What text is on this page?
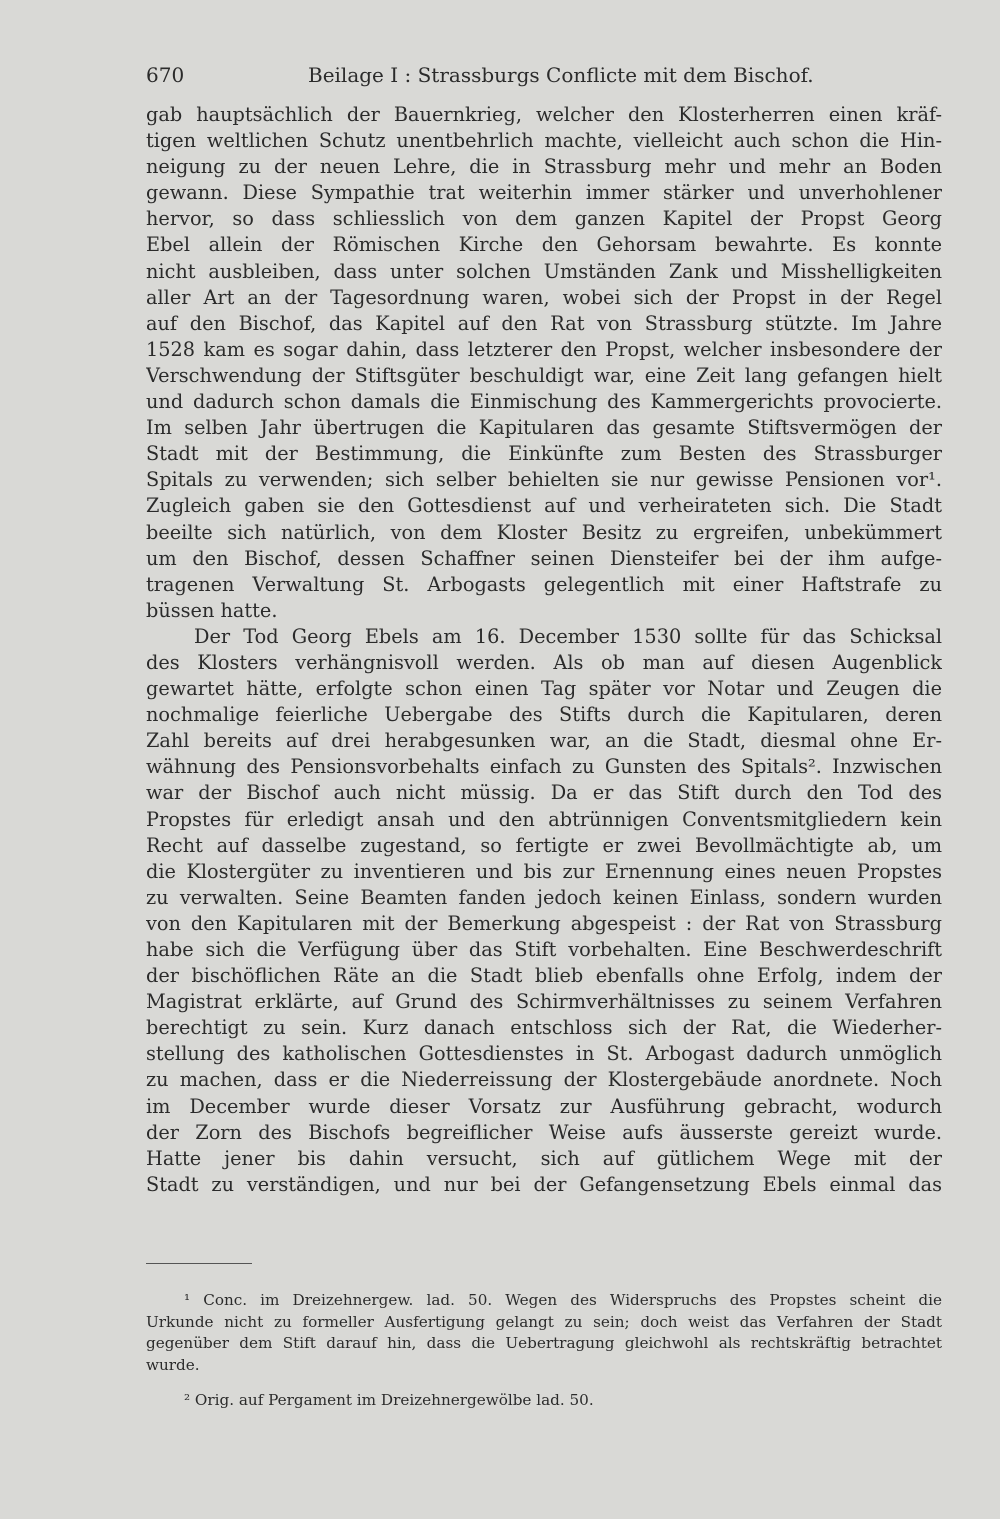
670	Beilage I : Strassburgs Conflicte mit dem Bischof.
gab hauptsächlich der Bauernkrieg, welcher den Klosterherren einen kräf-
tigen weltlichen Schutz unentbehrlich machte, vielleicht auch schon die Hin-
neigung zu der neuen Lehre, die in Strassburg mehr und mehr an Boden
gewann. Diese Sympathie trat weiterhin immer stärker und unverhohlener
hervor, so dass schliesslich von dem ganzen Kapitel der Propst Georg
Ebel allein der Römischen Kirche den Gehorsam bewahrte. Es konnte
nicht ausbleiben, dass unter solchen Umständen Zank und Misshelligkeiten
aller Art an der Tagesordnung waren, wobei sich der Propst in der Regel
auf den Bischof, das Kapitel auf den Rat von Strassburg stützte. Im Jahre
1528 kam es sogar dahin, dass letzterer den Propst, welcher insbesondere der
Verschwendung der Stiftsgüter beschuldigt war, eine Zeit lang gefangen hielt
und dadurch schon damals die Einmischung des Kammergerichts provocierte.
Im selben Jahr übertrugen die Kapitularen das gesamte Stiftsvermögen der
Stadt mit der Bestimmung, die Einkünfte zum Besten des Strassburger
Spitals zu verwenden; sich selber behielten sie nur gewisse Pensionen vor¹.
Zugleich gaben sie den Gottesdienst auf und verheirateten sich. Die Stadt
beeilte sich natürlich, von dem Kloster Besitz zu ergreifen, unbekümmert
um den Bischof, dessen Schaffner seinen Diensteifer bei der ihm aufge-
tragenen Verwaltung St. Arbogasts gelegentlich mit einer Haftstrafe zu
büssen hatte.
Der Tod Georg Ebels am 16. December 1530 sollte für das Schicksal
des Klosters verhängnisvoll werden. Als ob man auf diesen Augenblick
gewartet hätte, erfolgte schon einen Tag später vor Notar und Zeugen die
nochmalige feierliche Uebergabe des Stifts durch die Kapitularen, deren
Zahl bereits auf drei herabgesunken war, an die Stadt, diesmal ohne Er-
wähnung des Pensionsvorbehalts einfach zu Gunsten des Spitals². Inzwischen
war der Bischof auch nicht müssig. Da er das Stift durch den Tod des
Propstes für erledigt ansah und den abtrünnigen Conventsmitgliedern kein
Recht auf dasselbe zugestand, so fertigte er zwei Bevollmächtigte ab, um
die Klostergüter zu inventieren und bis zur Ernennung eines neuen Propstes
zu verwalten. Seine Beamten fanden jedoch keinen Einlass, sondern wurden
von den Kapitularen mit der Bemerkung abgespeist : der Rat von Strassburg
habe sich die Verfügung über das Stift vorbehalten. Eine Beschwerdeschrift
der bischöflichen Räte an die Stadt blieb ebenfalls ohne Erfolg, indem der
Magistrat erklärte, auf Grund des Schirmverhältnisses zu seinem Verfahren
berechtigt zu sein. Kurz danach entschloss sich der Rat, die Wiederher-
stellung des katholischen Gottesdienstes in St. Arbogast dadurch unmöglich
zu machen, dass er die Niederreissung der Klostergebäude anordnete. Noch
im December wurde dieser Vorsatz zur Ausführung gebracht, wodurch
der Zorn des Bischofs begreiflicher Weise aufs äusserste gereizt wurde.
Hatte jener bis dahin versucht, sich auf gütlichem Wege mit der
Stadt zu verständigen, und nur bei der Gefangensetzung Ebels einmal das
¹ Conc. im Dreizehnergew. lad. 50. Wegen des Widerspruchs des Propstes scheint die
Urkunde nicht zu formeller Ausfertigung gelangt zu sein; doch weist das Verfahren der Stadt
gegenüber dem Stift darauf hin, dass die Uebertragung gleichwohl als rechtskräftig betrachtet
wurde.
² Orig. auf Pergament im Dreizehnergewölbe lad. 50.
